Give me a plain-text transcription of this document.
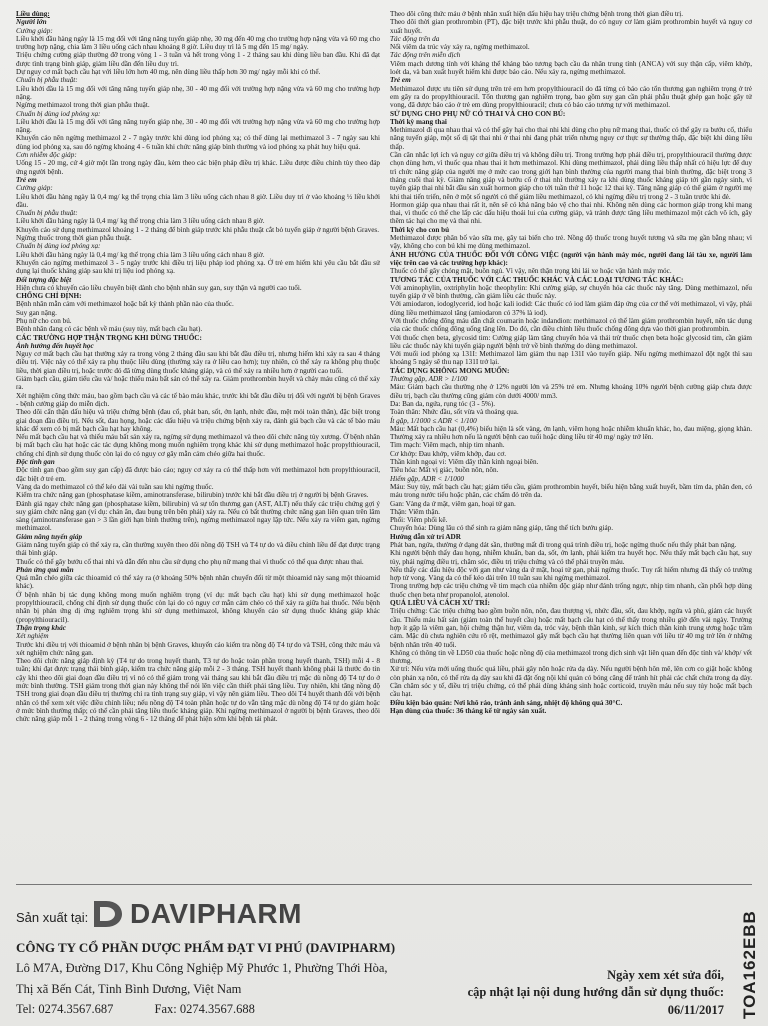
Liều dùng:

Người lớn

Cường giáp:

Liều khởi đầu hàng ngày là 15 mg đối với tăng năng tuyến giáp nhẹ, 30 mg đến 40 mg cho trường hợp nặng vừa và 60 mg cho trường hợp nặng, chia làm 3 liều uống cách nhau khoảng 8 giờ. Liều duy trì là 5 mg đến 15 mg/ ngày.

Triệu chứng cường giáp thường đỡ trong vòng 1 - 3 tuần và hết trong vòng 1 - 2 tháng sau khi dùng liều ban đầu. Khi đã đạt được tình trạng bình giáp, giảm liều dần đến liều duy trì.

Dự nguy cơ mất bạch cầu hạt với liều lớn hơn 40 mg, nên dùng liều thấp hơn 30 mg/ ngày mỗi khi có thể.

Chuẩn bị phẫu thuật:

Liều khởi đầu là 15 mg đối với tăng năng tuyến giáp nhẹ, 30 - 40 mg đối với trường hợp nặng vừa và 60 mg cho trường hợp nặng.

Ngừng methimazol trong thời gian phẫu thuật.

Chuẩn bị dùng iod phóng xạ:

Liều khởi đầu là 15 mg đối với tăng năng tuyến giáp nhẹ, 30 - 40 mg đối với trường hợp nặng vừa và 60 mg cho trường hợp nặng.

Khuyến cáo nên ngừng methimazol 2 - 7 ngày trước khi dùng iod phóng xạ; có thể dùng lại methimazol 3 - 7 ngày sau khi dùng iod phóng xạ, sau đó ngừng khoảng 4 - 6 tuần khi chức năng giáp bình thường và iod phóng xạ phát huy hiệu quả.

Cơn nhiễm độc giáp:

Uống 15 - 20 mg, cứ 4 giờ một lần trong ngày đầu, kèm theo các biện pháp điều trị khác. Liều được điều chỉnh tùy theo đáp ứng người bệnh.

Trẻ em

Cường giáp:

Liều khởi đầu hàng ngày là 0,4 mg/ kg thể trọng chia làm 3 liều uống cách nhau 8 giờ. Liều duy trì ở vào khoảng ½ liều khởi đầu.

Chuẩn bị phẫu thuật:

Liều khởi đầu hàng ngày là 0,4 mg/ kg thể trọng chia làm 3 liều uống cách nhau 8 giờ.

Khuyến cáo sử dụng methimazol khoảng 1 - 2 tháng để bình giáp trước khi phẫu thuật cắt bỏ tuyến giáp ở người bệnh Graves.

Ngừng thuốc trong thời gian phẫu thuật.

Chuẩn bị dùng iod phóng xạ:

Liều khởi đầu hàng ngày là 0,4 mg/ kg thể trọng chia làm 3 liều uống cách nhau 8 giờ.

Khuyến cáo ngừng methimazol 3 - 5 ngày trước khi điều trị liệu pháp iod phóng xạ. Ở trẻ em hiếm khi yêu cầu bắt đầu sử dụng lại thuốc kháng giáp sau khi trị liệu iod phóng xạ.

Đối tượng đặc biệt

Hiện chưa có khuyến cáo liều chuyên biệt dành cho bệnh nhân suy gan, suy thận và người cao tuổi.

CHỐNG CHỈ ĐỊNH:

Bệnh nhân mẫn cảm với methimazol hoặc bất kỳ thành phần nào của thuốc.

Suy gan nặng.

Phụ nữ cho con bú.

Bệnh nhân đang có các bệnh về máu (suy tủy, mất bạch cầu hạt).

CÁC TRƯỜNG HỢP THẬN TRỌNG KHI DÙNG THUỐC:

Ảnh hưởng đến huyết học

Nguy cơ mất bạch cầu hạt thường xảy ra trong vòng 2 tháng đầu sau khi bắt đầu điều trị, nhưng hiếm khi xảy ra sau 4 tháng điều trị. Việc này có thể xảy ra phụ thuộc liều dùng (thường xảy ra ở liều cao hơn); tuy nhiên, có thể xảy ra không phụ thuộc liều, thời gian điều trị, hoặc trước đó đã từng dùng thuốc kháng giáp, và có thể xảy ra nhiều hơn ở người cao tuổi.

Giảm bạch cầu, giảm tiểu cầu và/ hoặc thiếu máu bất sản có thể xảy ra. Giảm prothrombin huyết và chảy máu cũng có thể xảy ra.

Xét nghiệm công thức máu, bao gồm bạch cầu và các tế bào máu khác, trước khi bắt đầu điều trị đối với người bị bệnh Graves - bệnh cường giáp do miễn dịch.

Theo dõi cẩn thận dấu hiệu và triệu chứng bệnh (đau cổ, phát ban, sốt, ớn lạnh, nhức đầu, mệt mỏi toàn thân), đặc biệt trong giai đoạn đầu điều trị. Nếu sốt, đau họng, hoặc các dấu hiệu và triệu chứng bệnh xảy ra, đánh giá bạch cầu và các tế bào máu khác để xem có bị mất bạch cầu hạt hay không.

Nếu mất bạch cầu hạt và thiếu máu bất sản xảy ra, ngừng sử dụng methimazol và theo dõi chức năng tủy xương. Ở bệnh nhân bị mất bạch cầu hạt hoặc các tác dụng không mong muốn nghiêm trọng khác khi sử dụng methimazol hoặc propylthiouracil, chống chỉ định sử dụng thuốc còn lại do có nguy cơ gây mẫn cảm chéo giữa hai thuốc.

Độc tính gan

Độc tính gan (bao gồm suy gan cấp) đã được báo cáo; nguy cơ xảy ra có thể thấp hơn với methimazol hơn propylthiouracil, đặc biệt ở trẻ em.

Vàng da do methimazol có thể kéo dài vài tuần sau khi ngừng thuốc.

Kiểm tra chức năng gan (phosphatase kiềm, aminotransferase, bilirubin) trước khi bắt đầu điều trị ở người bị bệnh Graves.

Đánh giá ngay chức năng gan (phosphatase kiềm, bilirubin) và sự tổn thương gan (AST, ALT) nếu thấy các triệu chứng gợi ý suy giảm chức năng gan (ví dụ: chán ăn, đau bụng trên bên phải) xảy ra. Nếu có bất thường chức năng gan liên quan trên lâm sàng (aminotransferase gan > 3 lần giới hạn bình thường trên), ngừng methimazol ngay lập tức. Nếu xảy ra viêm gan, ngừng methimazol.

Giảm năng tuyến giáp

Giảm năng tuyến giáp có thể xảy ra, cần thường xuyên theo dõi nồng độ TSH và T4 tự do và điều chỉnh liều để đạt được trạng thái bình giáp.

Thuốc có thể gây bướu cổ thai nhi và dẫn đến nhu cầu sử dụng cho phụ nữ mang thai vì thuốc có thể qua được nhau thai.

Phản ứng quá mẫn

Quá mẫn chéo giữa các thioamid có thể xảy ra (ở khoảng 50% bệnh nhân chuyển đổi từ một thioamid này sang một thioamid khác).

Ở bệnh nhân bị tác dụng không mong muốn nghiêm trọng (ví dụ: mất bạch cầu hạt) khi sử dụng methimazol hoặc propylthiouracil, chống chỉ định sử dụng thuốc còn lại do có nguy cơ mẫn cảm chéo có thể xảy ra giữa hai thuốc. Nếu bệnh nhân bị phản ứng dị ứng nghiêm trọng khi sử dụng methimazol, không khuyến cáo sử dụng thuốc kháng giáp khác (propylthiouracil).

Thận trọng khác

Xét nghiệm

Trước khi điều trị với thioamid ở bệnh nhân bị bệnh Graves, khuyến cáo kiểm tra nồng độ T4 tự do và TSH, công thức máu và xét nghiệm chức năng gan.

Theo dõi chức năng giáp định kỳ (T4 tự do trong huyết thanh, T3 tự do hoặc toàn phần trong huyết thanh, TSH) mỗi 4 - 8 tuần; khi đạt được trạng thái bình giáp, kiểm tra chức năng giáp mỗi 2 - 3 tháng. TSH huyết thanh không phải là thước đo tin cậy khi theo dõi giai đoạn đầu điều trị vì nó có thể giảm trong vài tháng sau khi bắt đầu điều trị mặc dù nồng độ T4 tự do ở mức bình thường. TSH giảm trong thời gian này không thể nói lên việc cần thiết phải tăng liều. Tuy nhiên, khi tăng nồng độ TSH trong giai đoạn đầu điều trị thường chỉ ra tình trạng suy giáp, vì vậy nên giảm liều. Theo dõi T4 huyết thanh đối với bệnh nhân có thể xem xét việc điều chỉnh liều; nếu nồng độ T4 toàn phần hoặc tự do vẫn tăng mặc dù nồng độ T4 tự do giảm hoặc ở mức bình thường thấp; có thể cần phải tăng liều thuốc kháng giáp. Khi ngừng methimazol ở người bị bệnh Graves, theo dõi chức năng giáp mỗi 1 - 2 tháng trong vòng 6 - 12 tháng để phát hiện sớm khi bệnh tái phát.

Theo dõi công thức máu ở bệnh nhân xuất hiện dấu hiệu hay triệu chứng bệnh trong thời gian điều trị.

Theo dõi thời gian prothrombin (PT), đặc biệt trước khi phẫu thuật, do có nguy cơ làm giảm prothrombin huyết và nguy cơ xuất huyết.

Tác động trên da

Nổi viêm da trúc vảy xảy ra, ngừng methimazol.

Tác động trên miễn dịch

Viêm mạch dương tính với kháng thể kháng bào tương bạch cầu đa nhân trung tính (ANCA) với suy thận cấp, viêm khớp, loét da, và ban xuất huyết hiếm khi được báo cáo. Nếu xảy ra, ngừng methimazol.

Trẻ em

Methimazol được ưu tiên sử dụng trên trẻ em hơn propylthiouracil do đã từng có báo cáo tổn thương gan nghiêm trọng ở trẻ em gây ra do propylthiouracil. Tổn thương gan nghiêm trọng, bao gồm suy gan cần phải phẫu thuật ghép gan hoặc gây tử vong, đã được báo cáo ở trẻ em dùng propylthiouracil; chưa có báo cáo tương tự với methimazol.

SỬ DỤNG CHO PHỤ NỮ CÓ THAI VÀ CHO CON BÚ:

Thời kỳ mang thai

Methimazol đi qua nhau thai và có thể gây hại cho thai nhi khi dùng cho phụ nữ mang thai, thuốc có thể gây ra bướu cổ, thiểu năng tuyến giáp, một số dị tật thai nhi ở thai nhi đang phát triển nhưng nguy cơ thực sự thường thấp, đặc biệt khi dùng liều thấp.

Cần cân nhắc lợi ích và nguy cơ giữa điều trị và không điều trị. Trong trường hợp phải điều trị, propylthiouracil thường được chọn dùng hơn, vì thuốc qua nhau thai ít hơn methimazol. Khi dùng methimazol, phải dùng liều thấp nhất có hiệu lực để duy trì chức năng giáp của người mẹ ở mức cao trong giới hạn bình thường của người mang thai bình thường, đặc biệt trong 3 tháng cuối thai kỳ. Giảm năng giáp và bướu cổ ở thai nhi thường xảy ra khi dùng thuốc kháng giáp tới gần ngày sinh, vì tuyến giáp thai nhi bắt đầu sản xuất hormon giáp cho tới tuần thứ 11 hoặc 12 thai kỳ. Tăng năng giáp có thể giảm ở người mẹ khi thai tiến triển, nên ở một số người có thể giảm liều methimazol, có khi ngừng điều trị trong 2 - 3 tuần trước khi đẻ.

Hormon giáp qua nhau thai rất ít, nên sẽ có khả năng bảo vệ cho thai nhi. Không nên dùng các hormon giáp trong khi mang thai, vì thuốc có thể che lấp các dấu hiệu thoái lui của cường giáp, và tránh được tăng liều methimazol một cách vô ích, gây thêm tác hại cho mẹ và thai nhi.

Thời kỳ cho con bú

Methimazol được phân bố vào sữa mẹ, gây tai biến cho trẻ. Nồng độ thuốc trong huyết tương và sữa mẹ gần bằng nhau; vì vậy, không cho con bú khi mẹ dùng methimazol.

ẢNH HƯỞNG CỦA THUỐC ĐỐI VỚI CÔNG VIỆC (người vận hành máy móc, người đang lái tàu xe, người làm việc trên cao và các trường hợp khác):

Thuốc có thể gây chóng mặt, buồn ngủ. Vì vậy, nên thận trọng khi lái xe hoặc vận hành máy móc.

TƯƠNG TÁC CỦA THUỐC VỚI CÁC THUỐC KHÁC VÀ CÁC LOẠI TƯƠNG TÁC KHÁC:

Với aminophylin, oxtriphylin hoặc theophylin: Khi cường giáp, sự chuyển hóa các thuốc này tăng. Dùng methimazol, nếu tuyến giáp ở về bình thường, cần giảm liều các thuốc này.

Với amiodaron, iodoglycerid, iod hoặc kali iodid: Các thuốc có iod làm giảm đáp ứng của cơ thể với methimazol, vì vậy, phải dùng liều methimazol tăng (amiodaron có 37% là iod).

Với thuốc chống đông máu dẫn chất coumarin hoặc indandion: methimazol có thể làm giảm prothrombin huyết, nên tác dụng của các thuốc chống đông uống tăng lên. Do đó, cần điều chỉnh liều thuốc chống đông dựa vào thời gian prothrombin.

Với thuốc chẹn beta, glycosid tim: Cường giáp làm tăng chuyển hóa và thải trừ thuốc chẹn beta hoặc glycosid tim, cần giảm liều các thuốc này khi tuyến giáp người bệnh trở về bình thường do dùng methimazol.

Với muối iod phóng xạ 131I: Methimazol làm giảm thu nạp 131I vào tuyến giáp. Nếu ngừng methimazol đột ngột thì sau khoảng 5 ngày sẽ thu nạp 131I trở lại.

TÁC DỤNG KHÔNG MONG MUỐN:

Thường gặp, ADR > 1/100

Máu: Giảm bạch cầu thường nhẹ ở 12% người lớn và 25% trẻ em. Nhưng khoảng 10% người bệnh cường giáp chưa được điều trị, bạch cầu thường cũng giảm còn dưới 4000/ mm3.

Da: Ban da, ngứa, rụng tóc (3 - 5%).

Toàn thân: Nhức đầu, sốt vừa và thoáng qua.

Ít gặp, 1/1000 ≤ ADR < 1/100

Máu: Mất bạch cầu hạt (0,4%) biểu hiện là sốt vàng, ớn lạnh, viêm họng hoặc nhiễm khuẩn khác, ho, đau miệng, giọng khàn. Thường xảy ra nhiều hơn nếu là người bệnh cao tuổi hoặc dùng liều từ 40 mg/ ngày trở lên.

Tim mạch: Viêm mạch, nhịp tim nhanh.

Cơ khớp: Đau khớp, viêm khớp, đau cơ.

Thần kinh ngoại vi: Viêm dây thần kinh ngoại biên.

Tiêu hóa: Mất vị giác, buồn nôn, nôn.

Hiếm gặp, ADR < 1/1000

Máu: Suy tủy, mất bạch cầu hạt; giảm tiểu cầu, giảm prothrombin huyết, biểu hiện bằng xuất huyết, bầm tím da, phân đen, có máu trong nước tiểu hoặc phân, các chấm đỏ trên da.

Gan: Vàng da ứ mật, viêm gan, hoại tử gan.

Thận: Viêm thận.

Phổi: Viêm phổi kẽ.

Chuyển hóa: Dùng lâu có thể sinh ra giảm năng giáp, tăng thể tích bướu giáp.

Hướng dẫn xử trí ADR

Phát ban, ngứa, thường ở dạng dát sần, thường mất đi trong quá trình điều trị, hoặc ngừng thuốc nếu thấy phát ban nặng.

Khi người bệnh thấy đau họng, nhiễm khuẩn, ban da, sốt, ớn lạnh, phải kiểm tra huyết học. Nếu thấy mất bạch cầu hạt, suy tủy, phải ngừng điều trị, chăm sóc, điều trị triệu chứng và có thể phải truyền máu.

Nếu thấy các dấu hiệu độc với gan như vàng da ứ mật, hoại tử gan, phải ngừng thuốc. Tuy rất hiếm nhưng đã thấy có trường hợp tử vong. Vàng da có thể kéo dài trên 10 tuần sau khi ngừng methimazol.

Trong trường hợp các triệu chứng về tim mạch của nhiễm độc giáp như đánh trống ngực, nhịp tim nhanh, cần phối hợp dùng thuốc chẹn beta như propanolol, atenolol.

QUÁ LIỀU VÀ CÁCH XỬ TRÍ:

Triệu chứng: Các triệu chứng bao gồm buồn nôn, nôn, đau thượng vị, nhức đầu, sốt, đau khớp, ngứa và phù, giảm các huyết cầu. Thiếu máu bất sản (giảm toàn thể huyết cầu) hoặc mất bạch cầu hạt có thể thấy trong nhiều giờ đến vài ngày. Trường hợp ít gặp là viêm gan, hội chứng thận hư, viêm da, tróc vảy, bệnh thần kinh, sự kích thích thần kinh trung ương hoặc trầm cảm. Mặc dù chưa nghiên cứu rõ rệt, methimazol gây mất bạch cầu hạt thường liên quan với liều từ 40 mg trở lên ở những bệnh nhân trên 40 tuổi.

Không có thông tin về LD50 của thuốc hoặc nồng độ của methimazol trong dịch sinh vật liên quan đến độc tính và/ khớp/ vết thương.

Xử trí: Nếu vừa mới uống thuốc quá liều, phải gây nôn hoặc rửa dạ dày. Nếu người bệnh hôn mê, lên cơn co giật hoặc không còn phản xạ nôn, có thể rửa dạ dày sau khi đã đặt ống nội khí quản có bóng căng để tránh hít phải các chất chứa trong dạ dày. Cần chăm sóc y tế, điều trị triệu chứng, có thể phải dùng kháng sinh hoặc corticoid, truyền máu nếu suy tủy hoặc mất bạch cầu hạt.

Điều kiện bảo quản: Nơi khô ráo, tránh ánh sáng, nhiệt độ không quá 30°C.

Hạn dùng của thuốc: 36 tháng kể từ ngày sản xuất.

Sản xuất tại: DAVIPHARM
CÔNG TY CỔ PHẦN DƯỢC PHẨM ĐẠT VI PHÚ (DAVIPHARM)
Lô M7A, Đường D17, Khu Công Nghiệp Mỹ Phước 1, Phường Thới Hòa,
Thị xã Bến Cát, Tỉnh Bình Dương, Việt Nam
Tel: 0274.3567.687	Fax: 0274.3567.688
Ngày xem xét sửa đổi,
cập nhật lại nội dung hướng dẫn sử dụng thuốc:
06/11/2017 TOA162EBB
